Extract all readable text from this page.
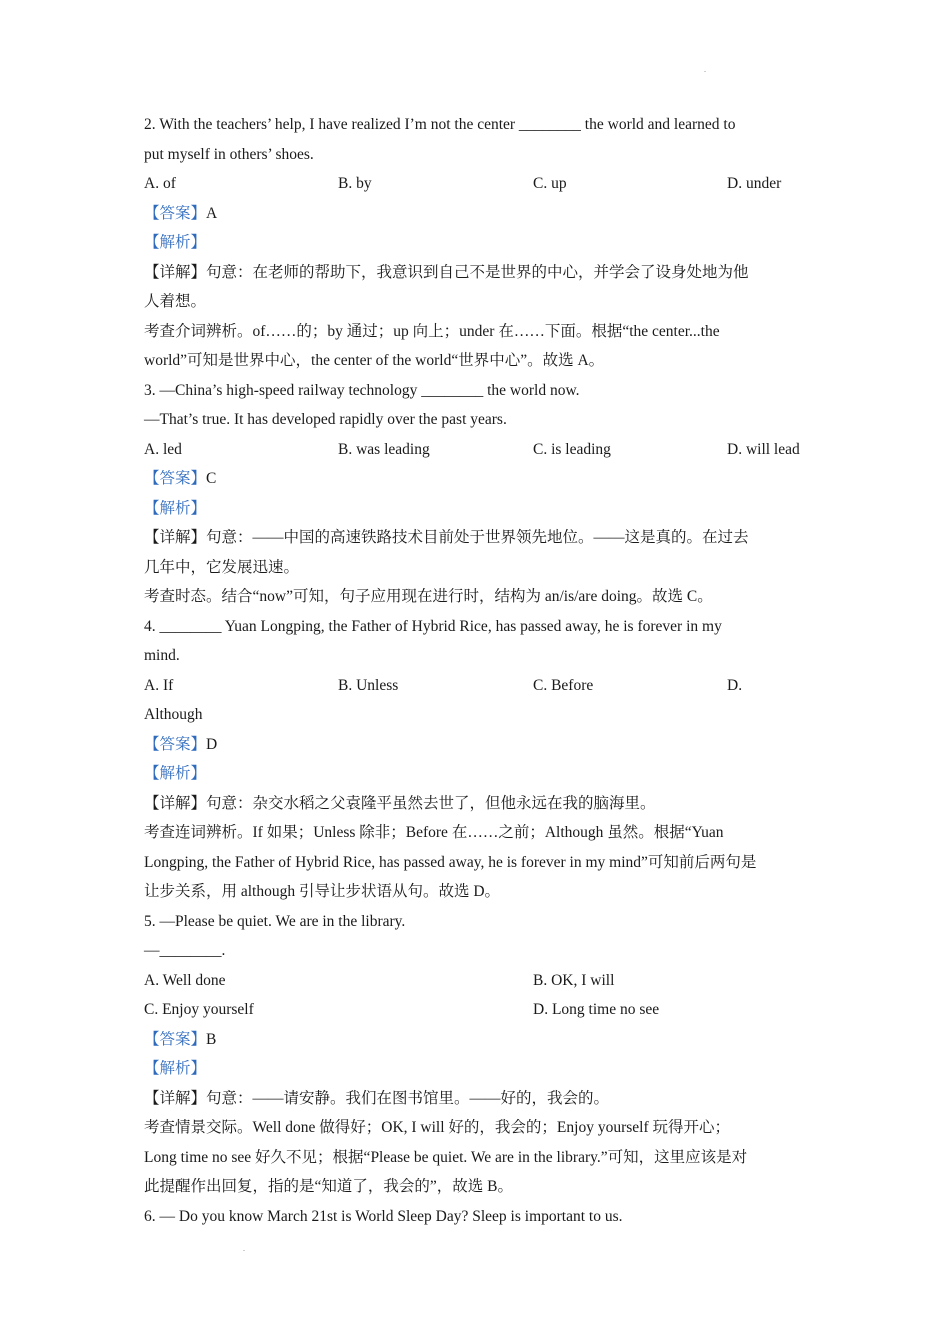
2. With the teachers’ help, I have realized I’m not the center ________ the world and learned to
put myself in others’ shoes.
A. of	B. by	C. up	D. under
【答案】A
【解析】
【详解】句意：在老师的帮助下，我意识到自己不是世界的中心，并学会了设身处地为他
人着想。
考查介词辨析。of……的；by 通过；up 向上；under 在……下面。根据“the center...the
world”可知是世界中心，the center of the world“世界中心”。故选 A。
3. —China’s high-speed railway technology ________ the world now.
—That’s true. It has developed rapidly over the past years.
A. led	B. was leading	C. is leading	D. will lead
【答案】C
【解析】
【详解】句意：——中国的高速铁路技术目前处于世界领先地位。——这是真的。在过去
几年中，它发展迅速。
考查时态。结合“now”可知，句子应用现在进行时，结构为 an/is/are doing。故选 C。
4. ________ Yuan Longping, the Father of Hybrid Rice, has passed away, he is forever in my
mind.
A. If	B. Unless	C. Before	D.
Although
【答案】D
【解析】
【详解】句意：杂交水稻之父袁隆平虽然去世了，但他永远在我的脑海里。
考查连词辨析。If 如果；Unless 除非；Before 在……之前；Although 虽然。根据“Yuan
Longping, the Father of Hybrid Rice, has passed away, he is forever in my mind”可知前后两句是
让步关系，用 although 引导让步状语从句。故选 D。
5. —Please be quiet. We are in the library.
—________.
A. Well done	B. OK, I will
C. Enjoy yourself	D. Long time no see
【答案】B
【解析】
【详解】句意：——请安静。我们在图书馆里。——好的，我会的。
考查情景交际。Well done 做得好；OK, I will 好的，我会的；Enjoy yourself 玩得开心；
Long time no see 好久不见；根据“Please be quiet. We are in the library.”可知，这里应该是对
此提醒作出回复，指的是“知道了，我会的”，故选 B。
6. — Do you know March 21st is World Sleep Day? Sleep is important to us.
